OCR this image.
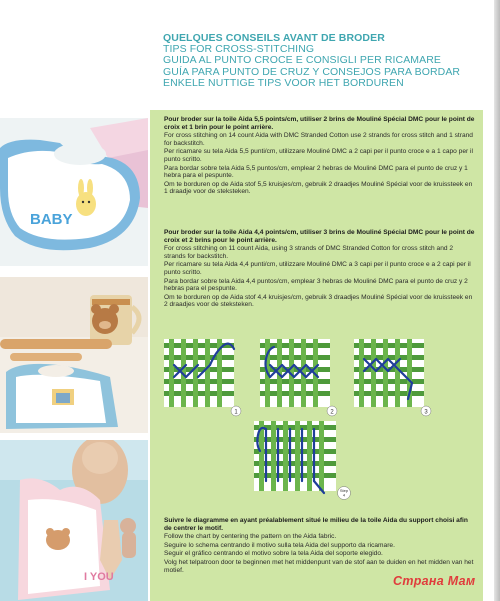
BABY
I YOU
QUELQUES CONSEILS AVANT DE BRODER
TIPS FOR CROSS-STITCHING
GUIDA AL PUNTO CROCE E CONSIGLI PER RICAMARE
GUÍA PARA PUNTO DE CRUZ Y CONSEJOS PARA BORDAR
ENKELE NUTTIGE TIPS VOOR HET BORDUREN

Pour broder sur la toile Aida 5,5 points/cm, utiliser 2 brins de Mouliné Spécial DMC pour le point de croix et 1 brin pour le point arrière.

For cross stitching on 14 count Aida with DMC Stranded Cotton use 2 strands for cross stitch and 1 strand for backstitch.

Per ricamare su tela Aida 5,5 punti/cm, utilizzare Mouliné DMC a 2 capi per il punto croce e a 1 capo per il punto scritto.

Para bordar sobre tela Aida 5,5 puntos/cm, emplear 2 hebras de Mouliné DMC para el punto de cruz y 1 hebra para el pespunte.

Om te borduren op de Aida stof 5,5 kruisjes/cm, gebruik 2 draadjes Mouliné Spécial voor de kruissteek en 1 draadje voor de steksteken.

Pour broder sur la toile Aida 4,4 points/cm, utiliser 3 brins de Mouliné Spécial DMC pour le point de croix et 2 brins pour le point arrière.

For cross stitching on 11 count Aida, using 3 strands of DMC Stranded Cotton for cross stitch and 2 strands for backstitch.

Per ricamare su tela Aida 4,4 punti/cm, utilizzare Mouliné DMC a 3 capi per il punto croce e a 2 capi per il punto scritto.

Para bordar sobre tela Aida 4,4 puntos/cm, emplear 3 hebras de Mouliné DMC para el punto de cruz y 2 hebras para el pespunte.

Om te borduren op de Aida stof 4,4 kruisjes/cm, gebruik 3 draadjes Mouliné Spécial voor de kruissteek en 2 draadjes voor de steksteken.

1	2	3
Step
4

Suivre le diagramme en ayant préalablement situé le milieu de la toile Aida du support choisi afin de centrer le motif.

Follow the chart by centering the pattern on the Aida fabric.

Seguire lo schema centrando il motivo sulla tela Aida del supporto da ricamare.

Seguir el gráfico centrando el motivo sobre la tela Aida del soporte elegido.

Volg het telpatroon door te beginnen met het middenpunt van de stof aan te duiden en het midden van het motief.

Страна Мам
